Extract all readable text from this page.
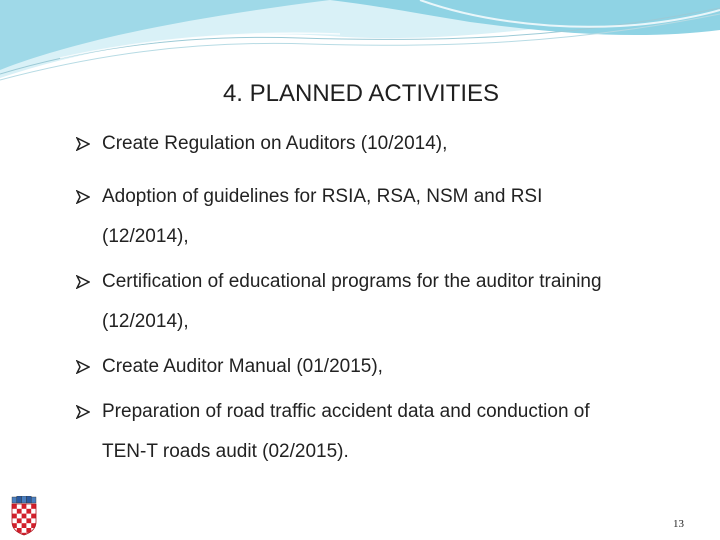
4. PLANNED ACTIVITIES
Create Regulation on Auditors (10/2014),
Adoption of guidelines for RSIA, RSA, NSM and RSI
(12/2014),
Certification of educational programs for the auditor training
(12/2014),
Create Auditor Manual (01/2015),
Preparation of road traffic accident data and conduction of
TEN-T roads audit (02/2015).
13
